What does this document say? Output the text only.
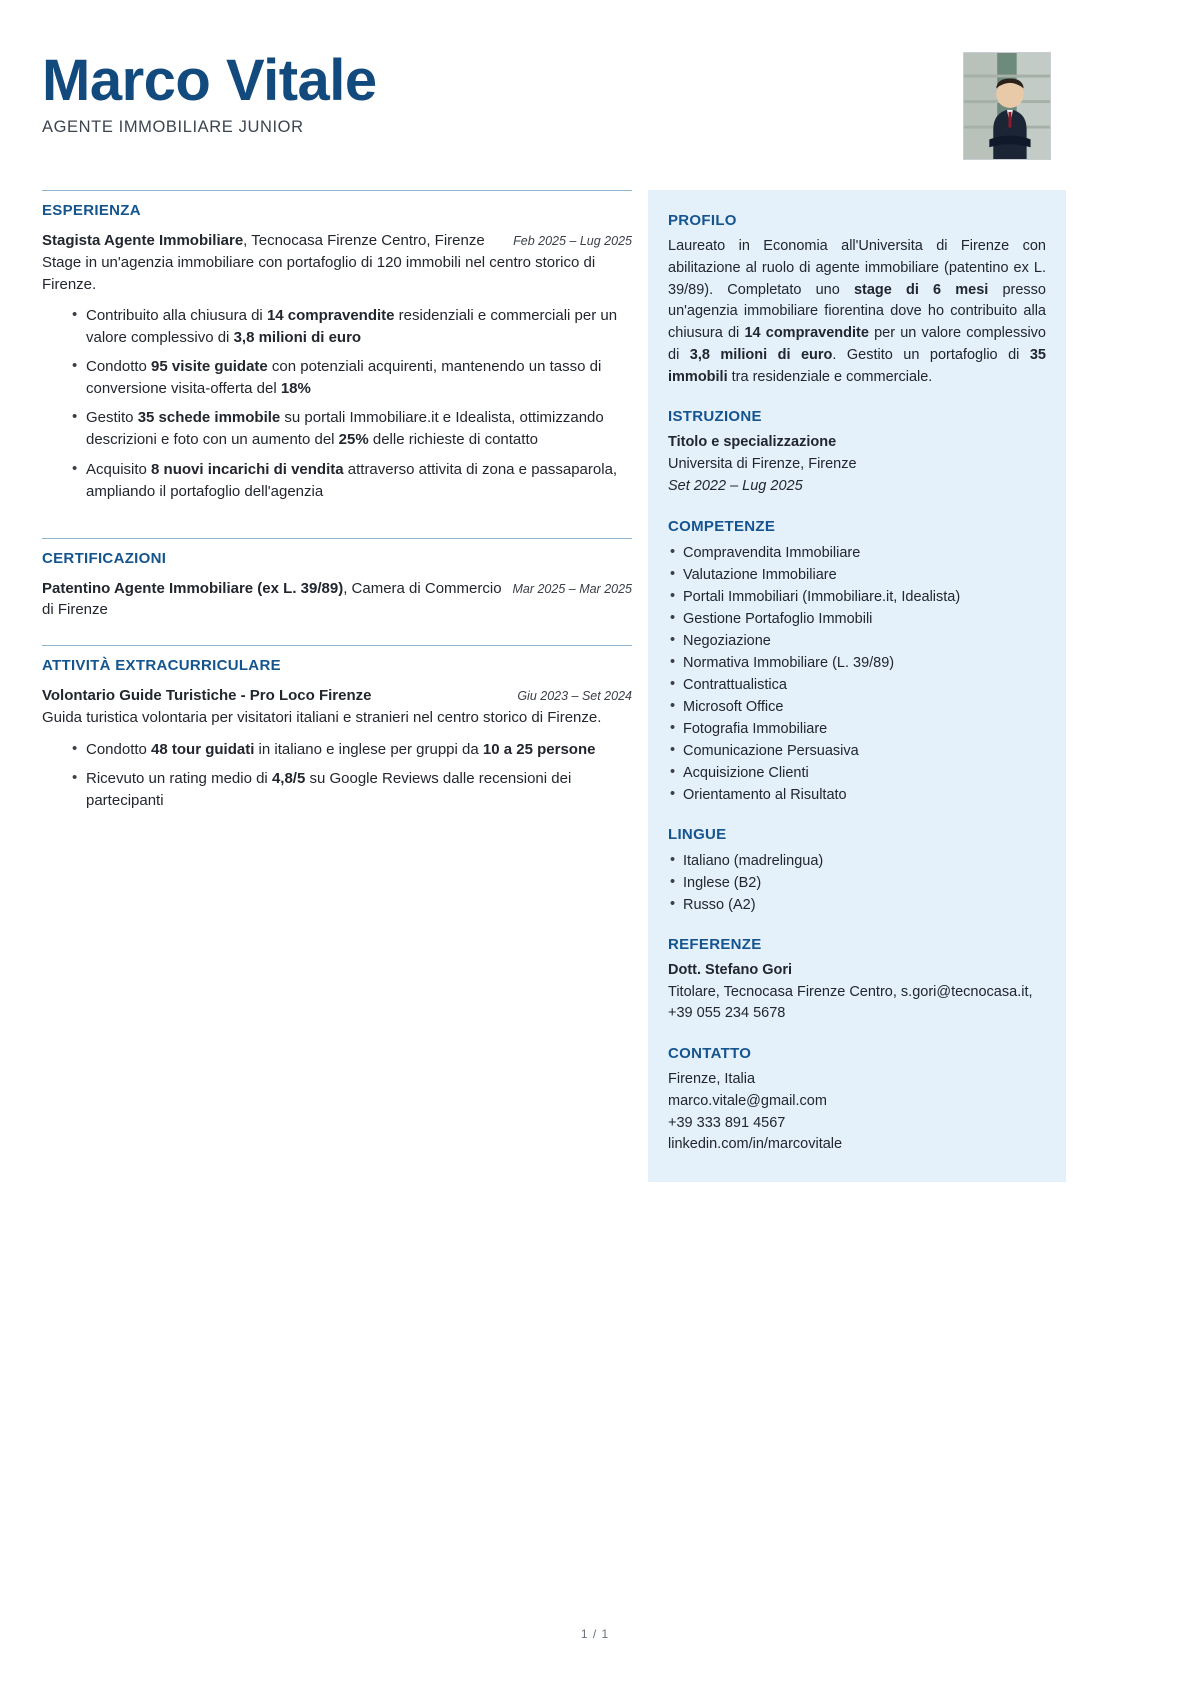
Marco Vitale
AGENTE IMMOBILIARE JUNIOR
ESPERIENZA
Stagista Agente Immobiliare, Tecnocasa Firenze Centro, Firenze	Feb 2025 – Lug 2025
Stage in un'agenzia immobiliare con portafoglio di 120 immobili nel centro storico di Firenze.
• Contribuito alla chiusura di 14 compravendite residenziali e commerciali per un valore complessivo di 3,8 milioni di euro
• Condotto 95 visite guidate con potenziali acquirenti, mantenendo un tasso di conversione visita-offerta del 18%
• Gestito 35 schede immobile su portali Immobiliare.it e Idealista, ottimizzando descrizioni e foto con un aumento del 25% delle richieste di contatto
• Acquisito 8 nuovi incarichi di vendita attraverso attivita di zona e passaparola, ampliando il portafoglio dell'agenzia
CERTIFICAZIONI
Patentino Agente Immobiliare (ex L. 39/89), Camera di Commercio di Firenze
Mar 2025 – Mar 2025
ATTIVITÀ EXTRACURRICULARE
Volontario Guide Turistiche - Pro Loco Firenze	Giu 2023 – Set 2024
Guida turistica volontaria per visitatori italiani e stranieri nel centro storico di Firenze.
• Condotto 48 tour guidati in italiano e inglese per gruppi da 10 a 25 persone
• Ricevuto un rating medio di 4,8/5 su Google Reviews dalle recensioni dei partecipanti
PROFILO
Laureato in Economia all'Universita di Firenze con abilitazione al ruolo di agente immobiliare (patentino ex L. 39/89). Completato uno stage di 6 mesi presso un'agenzia immobiliare fiorentina dove ho contribuito alla chiusura di 14 compravendite per un valore complessivo di 3,8 milioni di euro. Gestito un portafoglio di 35 immobili tra residenziale e commerciale.
ISTRUZIONE
Titolo e specializzazione
Universita di Firenze, Firenze
Set 2022 – Lug 2025
COMPETENZE
• Compravendita Immobiliare
• Valutazione Immobiliare
• Portali Immobiliari (Immobiliare.it, Idealista)
• Gestione Portafoglio Immobili
• Negoziazione
• Normativa Immobiliare (L. 39/89)
• Contrattualistica
• Microsoft Office
• Fotografia Immobiliare
• Comunicazione Persuasiva
• Acquisizione Clienti
• Orientamento al Risultato
LINGUE
• Italiano (madrelingua)
• Inglese (B2)
• Russo (A2)
REFERENZE
Dott. Stefano Gori
Titolare, Tecnocasa Firenze Centro, s.gori@tecnocasa.it, +39 055 234 5678
CONTATTO
Firenze, Italia
marco.vitale@gmail.com
+39 333 891 4567
linkedin.com/in/marcovitale
1 / 1
